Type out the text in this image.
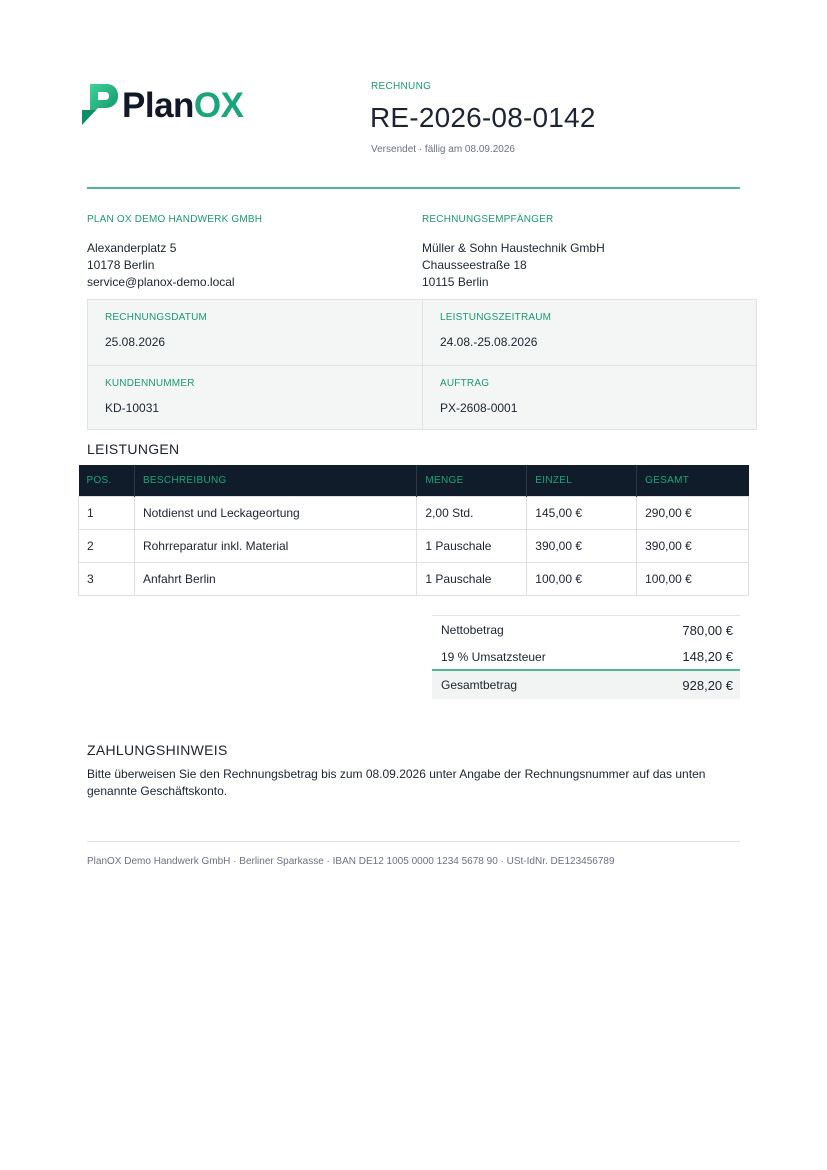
PlanOX	RECHNUNG
RE-2026-08-0142
Versendet · fällig am 08.09.2026
PLAN OX DEMO HANDWERK GMBH
Alexanderplatz 5
10178 Berlin
service@planox-demo.local
RECHNUNGSEMPFÄNGER
Müller & Sohn Haustechnik GmbH
Chausseestraße 18
10115 Berlin
RECHNUNGSDATUM
25.08.2026
LEISTUNGSZEITRAUM
24.08.-25.08.2026
KUNDENNUMMER
KD-10031
AUFTRAG
PX-2608-0001
LEISTUNGEN
POS.	BESCHREIBUNG	MENGE	EINZEL	GESAMT
1	Notdienst und Leckageortung	2,00 Std.	145,00 €	290,00 €
2	Rohrreparatur inkl. Material	1 Pauschale	390,00 €	390,00 €
3	Anfahrt Berlin	1 Pauschale	100,00 €	100,00 €
Nettobetrag	780,00 €
19 % Umsatzsteuer	148,20 €
Gesamtbetrag	928,20 €
ZAHLUNGSHINWEIS
Bitte überweisen Sie den Rechnungsbetrag bis zum 08.09.2026 unter Angabe der Rechnungsnummer auf das unten genannte Geschäftskonto.
PlanOX Demo Handwerk GmbH · Berliner Sparkasse · IBAN DE12 1005 0000 1234 5678 90 · USt-IdNr. DE123456789
